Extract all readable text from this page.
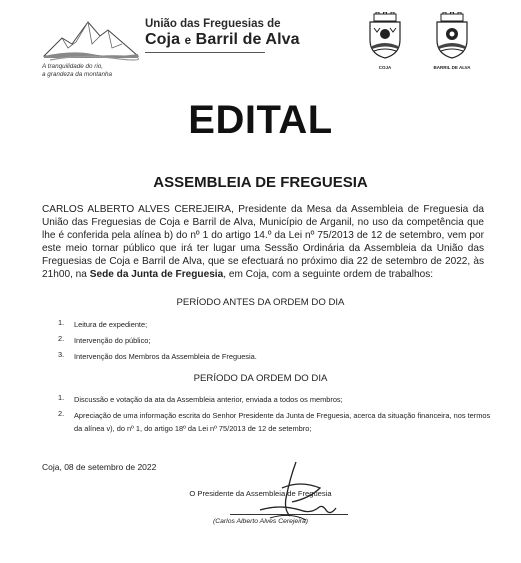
União das Freguesias de
Coja e Barril de Alva
A tranquilidade do rio,
a grandeza da montanha
COJA	BARRIL DE ALVA
EDITAL
ASSEMBLEIA DE FREGUESIA
CARLOS ALBERTO ALVES CEREJEIRA, Presidente da Mesa da Assembleia de Freguesia da União das Freguesias de Coja e Barril de Alva, Município de Arganil, no uso da competência que lhe é conferida pela alínea b) do nº 1 do artigo 14.º da Lei nº 75/2013 de 12 de setembro, vem por este meio tornar público que irá ter lugar uma Sessão Ordinária da Assembleia da União das Freguesias de Coja e Barril de Alva, que se efectuará no próximo dia 22 de setembro de 2022, às 21h00, na Sede da Junta de Freguesia, em Coja, com a seguinte ordem de trabalhos:
PERÍODO ANTES DA ORDEM DO DIA
1. Leitura de expediente;
2. Intervenção do público;
3. Intervenção dos Membros da Assembleia de Freguesia.
PERÍODO DA ORDEM DO DIA
1. Discussão e votação da ata da Assembleia anterior, enviada a todos os membros;
2. Apreciação de uma informação escrita do Senhor Presidente da Junta de Freguesia, acerca da situação financeira, nos termos da alínea v), do nº 1, do artigo 18º da Lei nº 75/2013 de 12 de setembro;
Coja, 08 de setembro de 2022
O Presidente da Assembleia de Freguesia
(Carlos Alberto Alves Cerejeira)
